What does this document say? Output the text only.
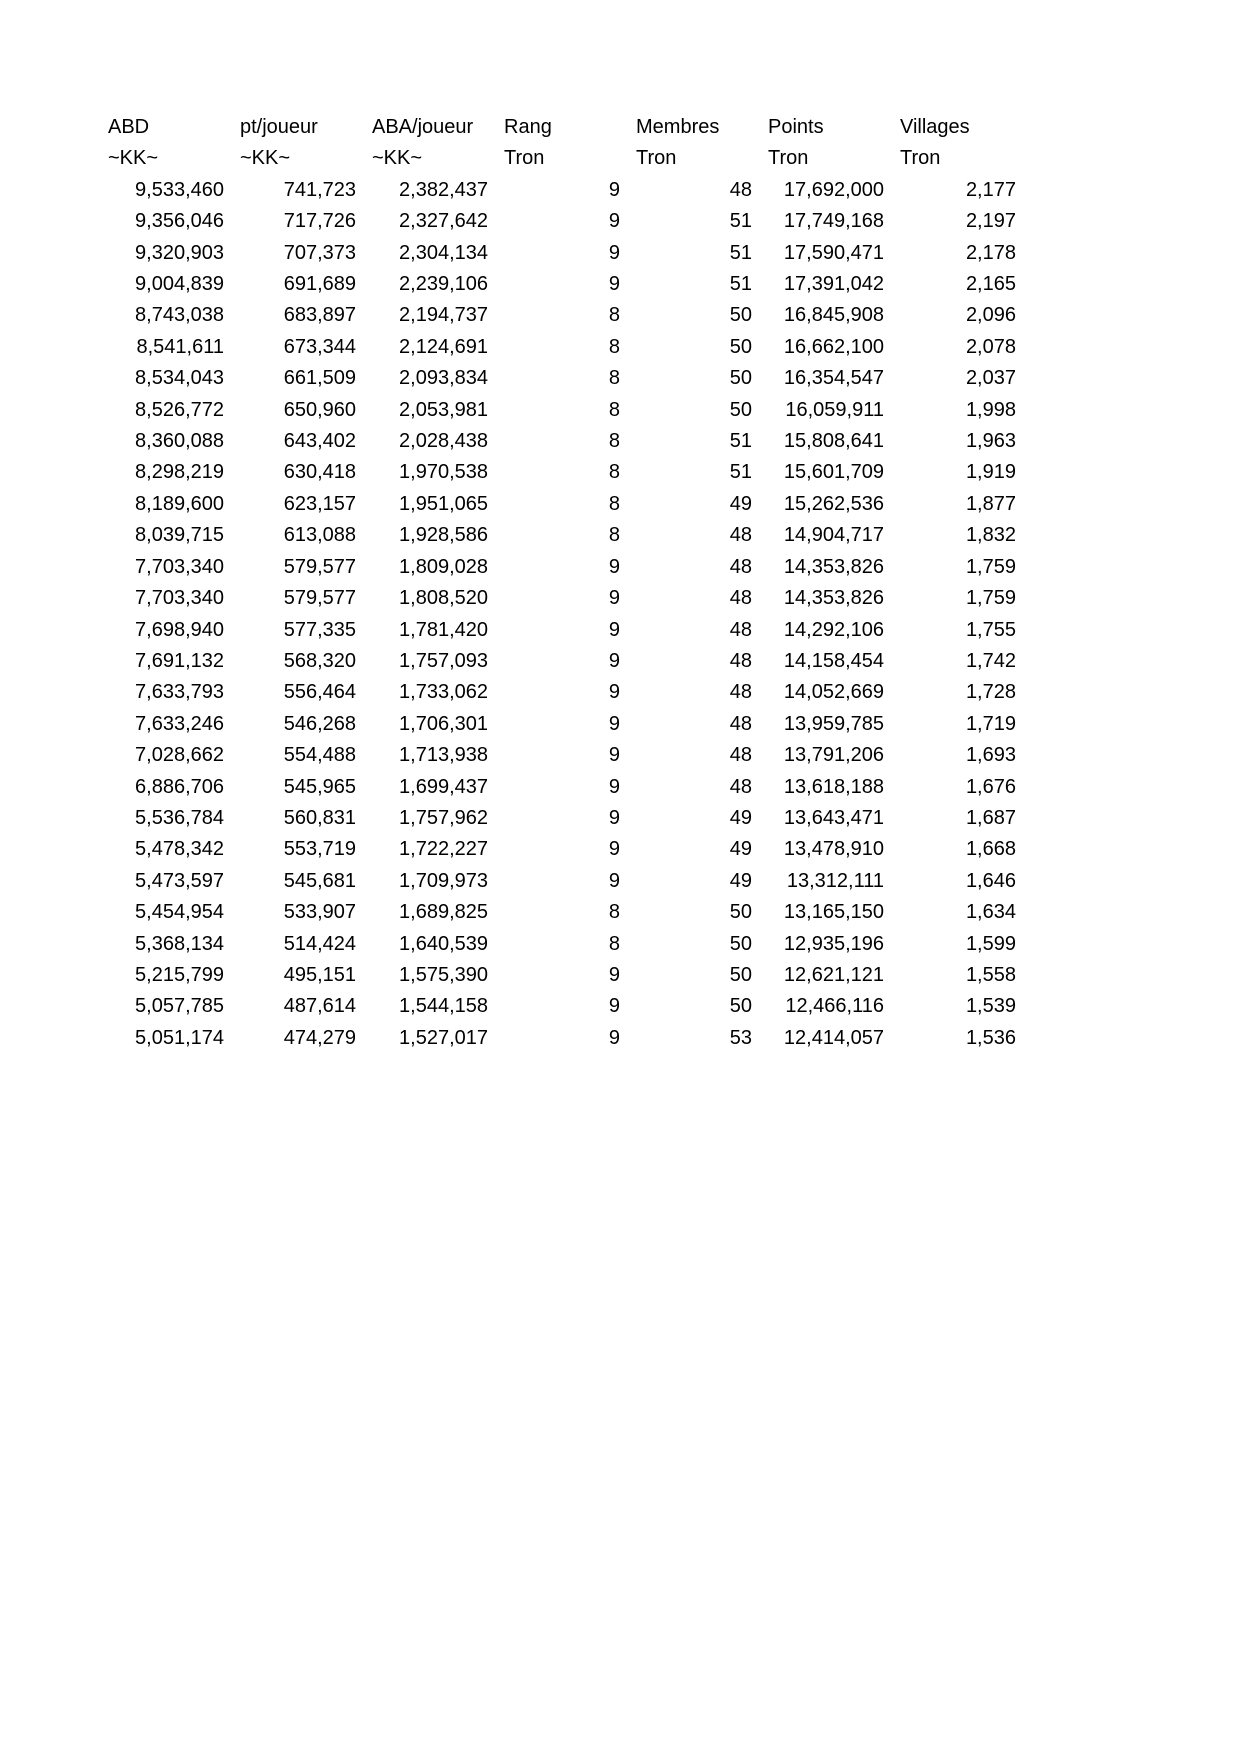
ABD	pt/joueur	ABA/joueur	Rang	Membres	Points	Villages
~KK~	~KK~	~KK~	Tron	Tron	Tron	Tron
9,533,460	741,723	2,382,437	9	48	17,692,000	2,177
9,356,046	717,726	2,327,642	9	51	17,749,168	2,197
9,320,903	707,373	2,304,134	9	51	17,590,471	2,178
9,004,839	691,689	2,239,106	9	51	17,391,042	2,165
8,743,038	683,897	2,194,737	8	50	16,845,908	2,096
8,541,611	673,344	2,124,691	8	50	16,662,100	2,078
8,534,043	661,509	2,093,834	8	50	16,354,547	2,037
8,526,772	650,960	2,053,981	8	50	16,059,911	1,998
8,360,088	643,402	2,028,438	8	51	15,808,641	1,963
8,298,219	630,418	1,970,538	8	51	15,601,709	1,919
8,189,600	623,157	1,951,065	8	49	15,262,536	1,877
8,039,715	613,088	1,928,586	8	48	14,904,717	1,832
7,703,340	579,577	1,809,028	9	48	14,353,826	1,759
7,703,340	579,577	1,808,520	9	48	14,353,826	1,759
7,698,940	577,335	1,781,420	9	48	14,292,106	1,755
7,691,132	568,320	1,757,093	9	48	14,158,454	1,742
7,633,793	556,464	1,733,062	9	48	14,052,669	1,728
7,633,246	546,268	1,706,301	9	48	13,959,785	1,719
7,028,662	554,488	1,713,938	9	48	13,791,206	1,693
6,886,706	545,965	1,699,437	9	48	13,618,188	1,676
5,536,784	560,831	1,757,962	9	49	13,643,471	1,687
5,478,342	553,719	1,722,227	9	49	13,478,910	1,668
5,473,597	545,681	1,709,973	9	49	13,312,111	1,646
5,454,954	533,907	1,689,825	8	50	13,165,150	1,634
5,368,134	514,424	1,640,539	8	50	12,935,196	1,599
5,215,799	495,151	1,575,390	9	50	12,621,121	1,558
5,057,785	487,614	1,544,158	9	50	12,466,116	1,539
5,051,174	474,279	1,527,017	9	53	12,414,057	1,536
